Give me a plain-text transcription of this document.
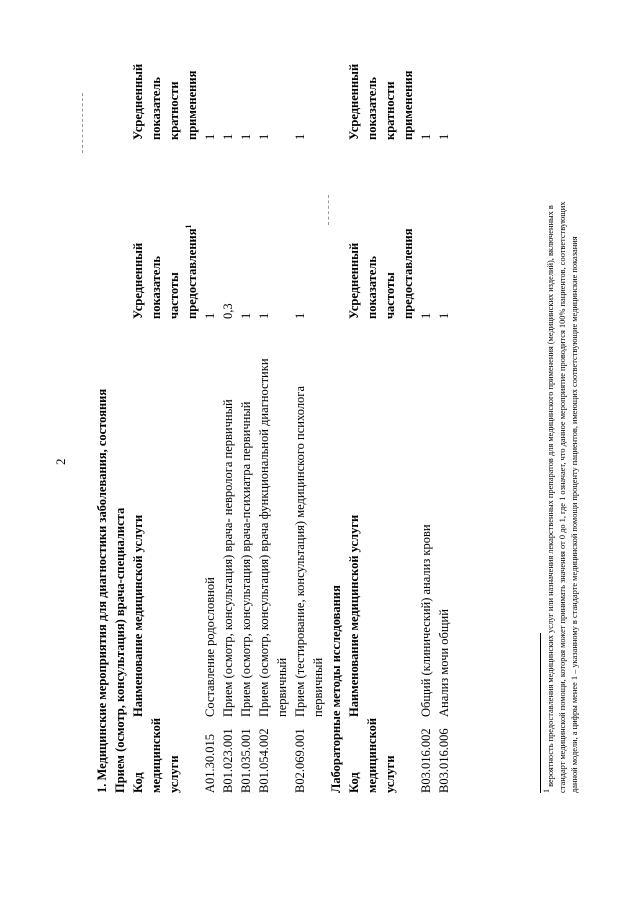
2 1. Медицинские мероприятия для диагностики заболевания, состояния Прием (осмотр, консультация) врача-специалиста Код медицинской услуги
Наименование медицинской услуги
Усредненный показатель частоты предоставления$^1$
Усредненный показатель кратности применения
A01.30.015
Составление родословной
1
1
B01.023.001
Прием (осмотр, консультация) врача- невролога первичный
0,3
1
B01.035.001
Прием (осмотр, консультация) врача-психиатра первичный
1
1
B01.054.002
Прием (осмотр, консультация) врача функциональной диагностики первичный
1
1
B02.069.001
Прием (тестирование, консультация) медицинского психолога первичный
1
1
Лабораторные методы исследования Код медицинской услуги
Наименование медицинской услуги
Усредненный показатель частоты предоставления
Усредненный показатель кратности применения
B03.016.002
Общий (клинический) анализ крови
1
1
B03.016.006
Анализ мочи общий
1
1
1 вероятность предоставления медицинских услуг или назначения лекарственных препаратов для медицинского применения (медицинских изделий), включенных в стандарт медицинской помощи, которая может принимать значения от 0 до 1, где 1 означает, что данное мероприятие проводится 100% пациентов, соответствующих данной модели, а цифры менее 1 – указанному в стандарте медицинской помощи проценту пациентов, имеющих соответствующие медицинские показания
